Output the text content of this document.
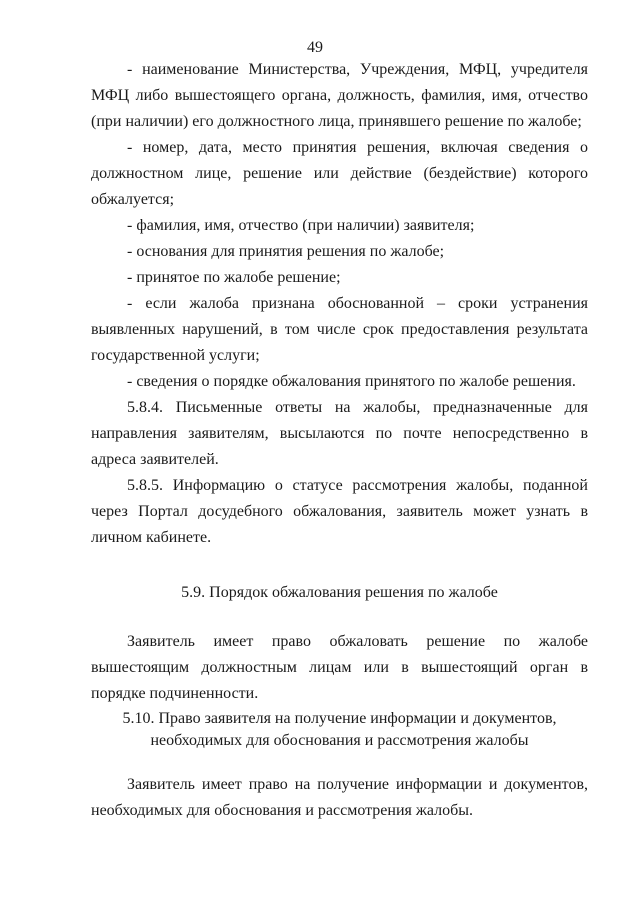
49

- наименование Министерства, Учреждения, МФЦ, учредителя МФЦ либо вышестоящего органа, должность, фамилия, имя, отчество (при наличии) его должностного лица, принявшего решение по жалобе;

- номер, дата, место принятия решения, включая сведения о должностном лице, решение или действие (бездействие) которого обжалуется;

- фамилия, имя, отчество (при наличии) заявителя;

- основания для принятия решения по жалобе;

- принятое по жалобе решение;

- если жалоба признана обоснованной – сроки устранения выявленных нарушений, в том числе срок предоставления результата государственной услуги;

- сведения о порядке обжалования принятого по жалобе решения.

5.8.4. Письменные ответы на жалобы, предназначенные для направления заявителям, высылаются по почте непосредственно в адреса заявителей.

5.8.5. Информацию о статусе рассмотрения жалобы, поданной через Портал досудебного обжалования, заявитель может узнать в личном кабинете.

5.9. Порядок обжалования решения по жалобе

Заявитель имеет право обжаловать решение по жалобе вышестоящим должностным лицам или в вышестоящий орган в порядке подчиненности.

5.10. Право заявителя на получение информации и документов,

необходимых для обоснования и рассмотрения жалобы

Заявитель имеет право на получение информации и документов, необходимых для обоснования и рассмотрения жалобы.
